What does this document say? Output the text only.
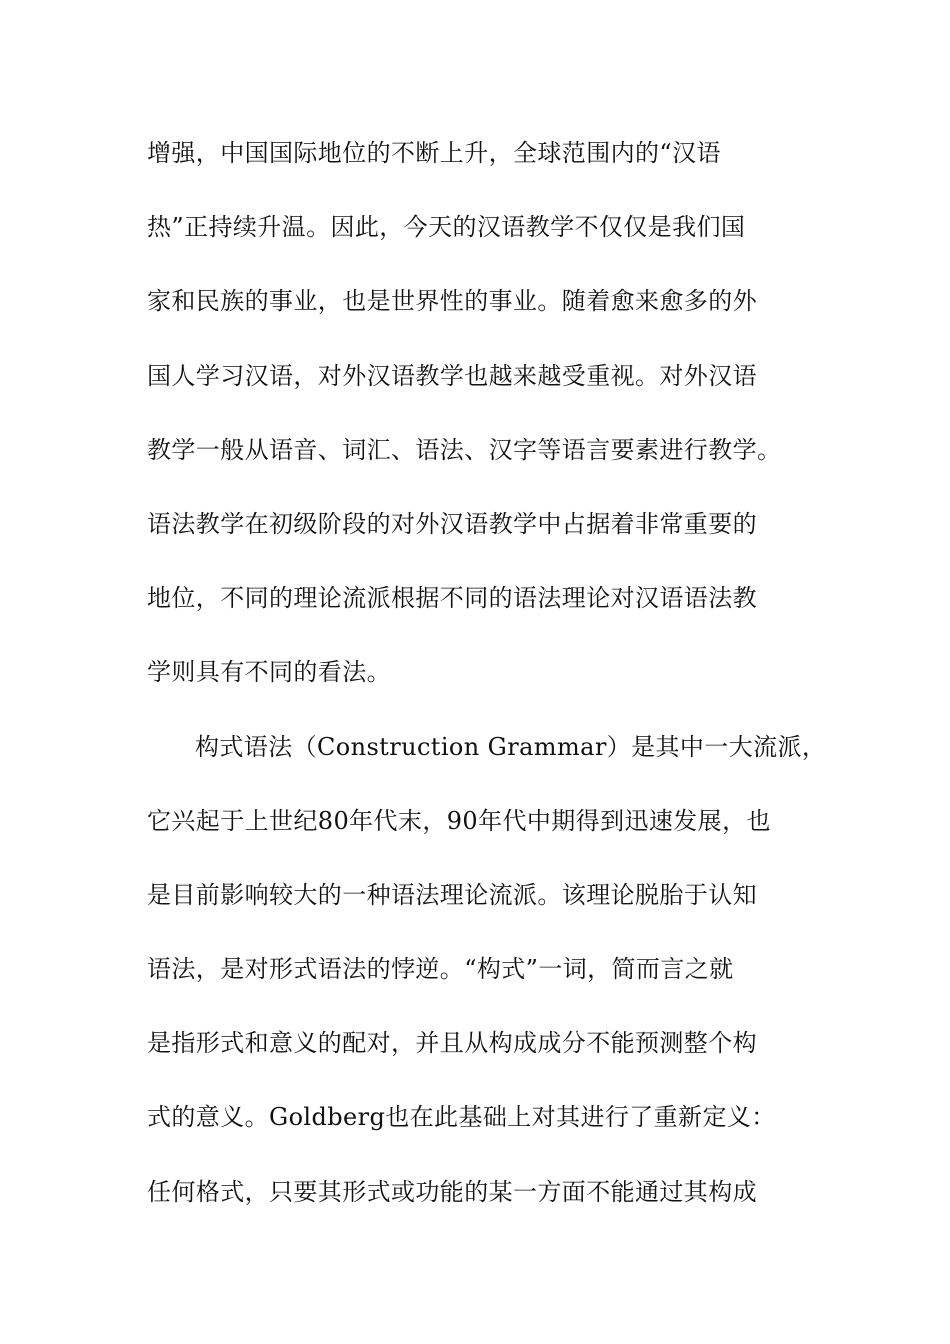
增强，中国国际地位的不断上升，全球范围内的“汉语
热”正持续升温。因此，今天的汉语教学不仅仅是我们国
家和民族的事业，也是世界性的事业。随着愈来愈多的外
国人学习汉语，对外汉语教学也越来越受重视。对外汉语
教学一般从语音、词汇、语法、汉字等语言要素进行教学。
语法教学在初级阶段的对外汉语教学中占据着非常重要的
地位，不同的理论流派根据不同的语法理论对汉语语法教
学则具有不同的看法。
构式语法（Construction Grammar）是其中一大流派，
它兴起于上世纪80年代末，90年代中期得到迅速发展，也
是目前影响较大的一种语法理论流派。该理论脱胎于认知
语法，是对形式语法的悖逆。“构式”一词，简而言之就
是指形式和意义的配对，并且从构成成分不能预测整个构
式的意义。Goldberg也在此基础上对其进行了重新定义：
任何格式，只要其形式或功能的某一方面不能通过其构成
